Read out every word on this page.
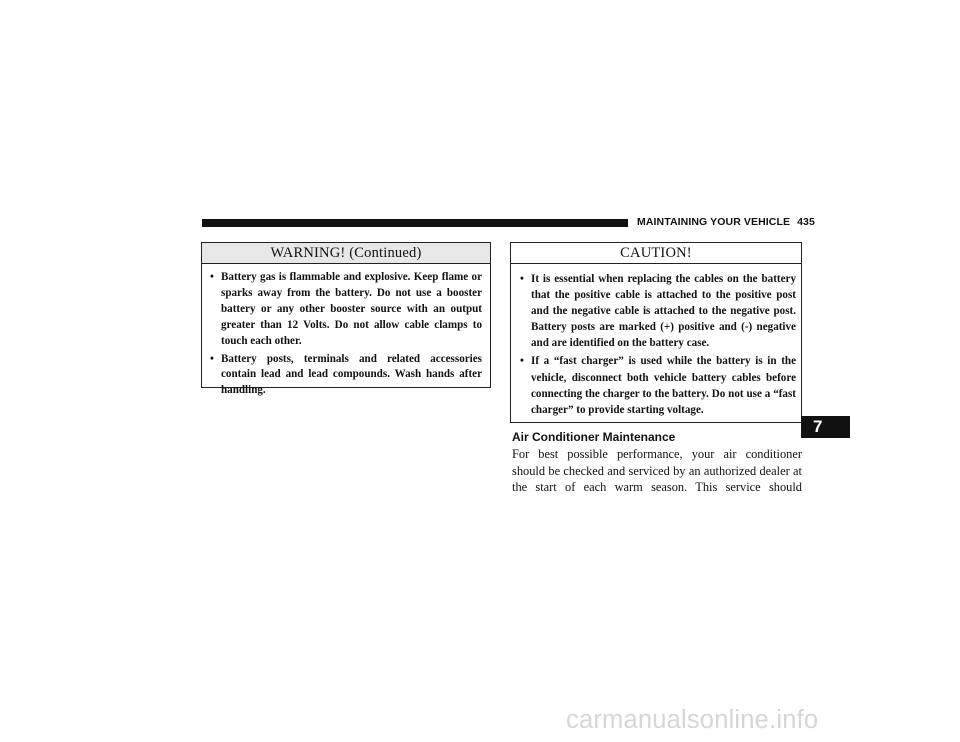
MAINTAINING YOUR VEHICLE 435
WARNING! (Continued)
• Battery gas is flammable and explosive. Keep flame or sparks away from the battery. Do not use a booster battery or any other booster source with an output greater than 12 Volts. Do not allow cable clamps to touch each other.
• Battery posts, terminals and related accessories contain lead and lead compounds. Wash hands after handling.
CAUTION!
• It is essential when replacing the cables on the battery that the positive cable is attached to the positive post and the negative cable is attached to the negative post. Battery posts are marked (+) positive and (-) negative and are identified on the battery case.
• If a “fast charger” is used while the battery is in the vehicle, disconnect both vehicle battery cables before connecting the charger to the battery. Do not use a “fast charger” to provide starting voltage.
Air Conditioner Maintenance
For best possible performance, your air conditioner should be checked and serviced by an authorized dealer at the start of each warm season. This service should
7
carmanualsonline.info
